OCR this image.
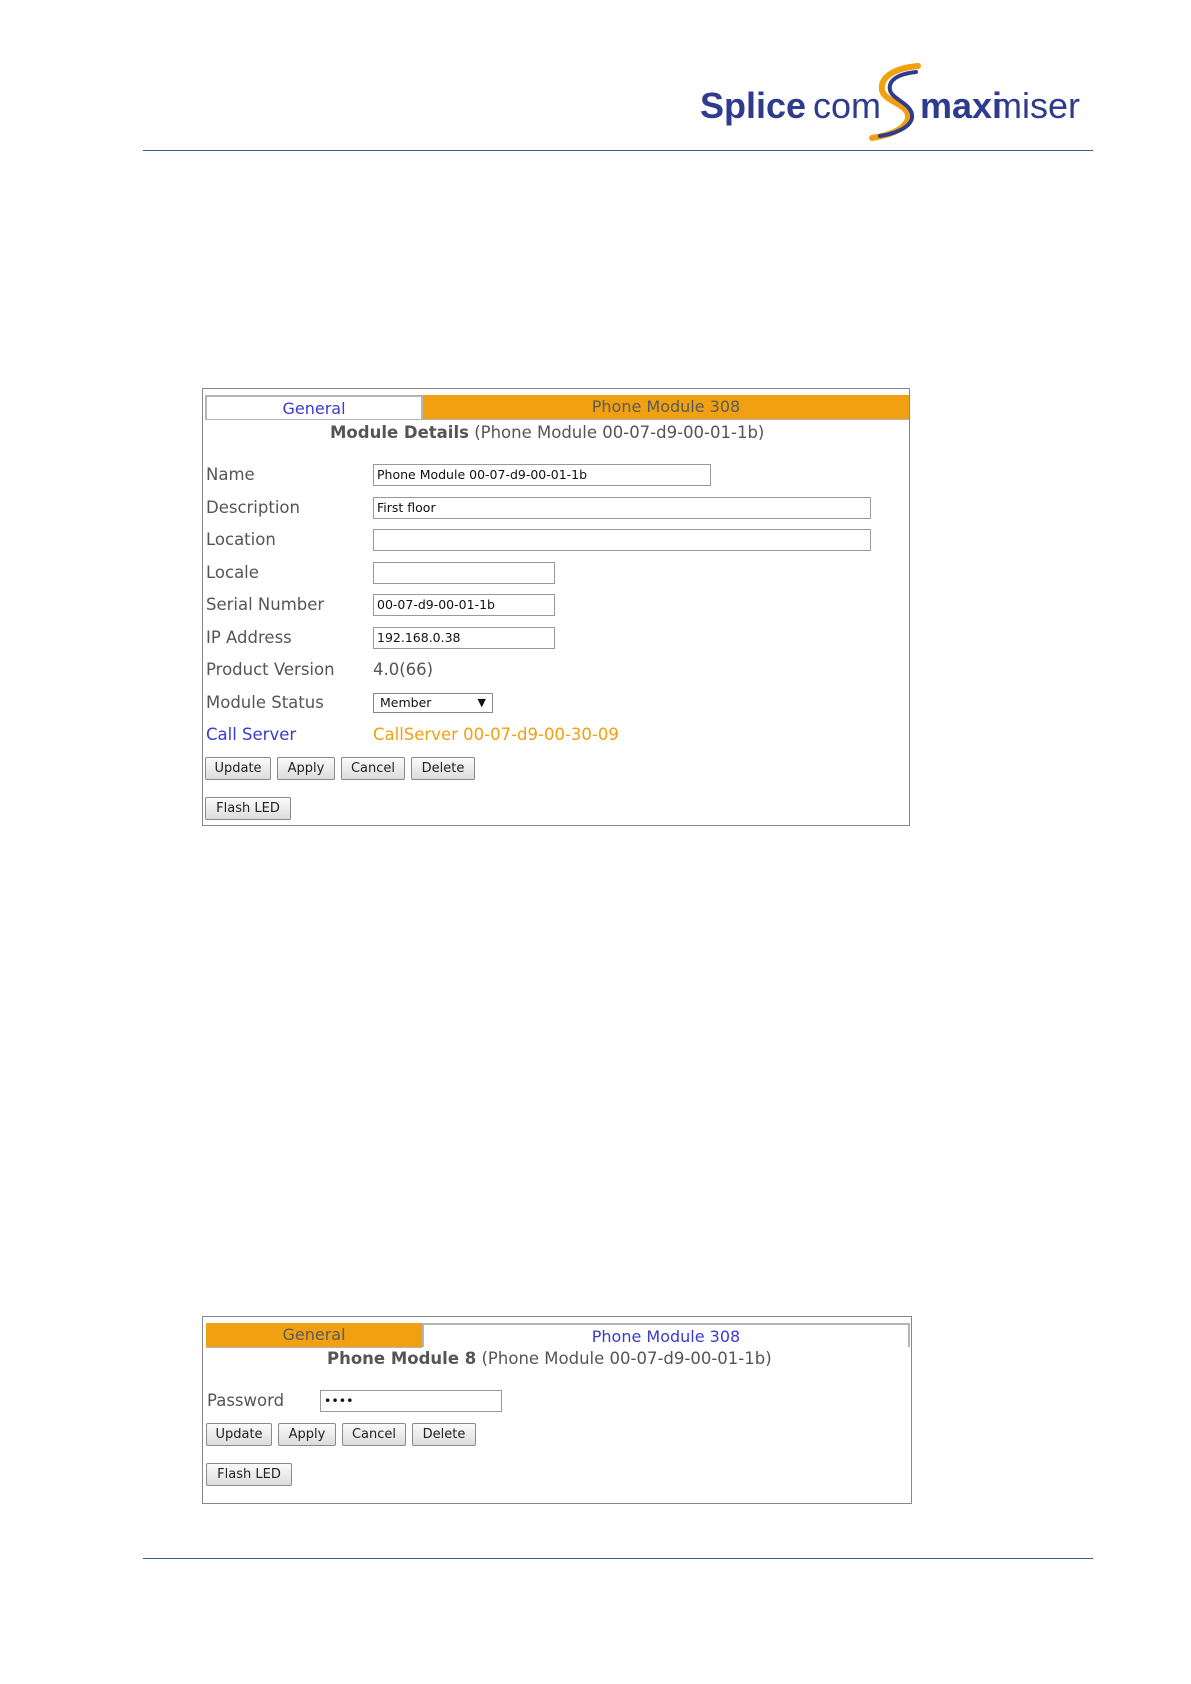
Splice com maxi
miser
General	Phone Module 308
Module Details (Phone Module 00-07-d9-00-01-1b)
Name	Phone Module 00-07-d9-00-01-1b
Description	First floor
Location
Locale
Serial Number	00-07-d9-00-01-1b
IP Address	192.168.0.38
Product Version 4.0(66)
Module Status	Member	▼
Call Server	CallServer 00-07-d9-00-30-09
Update	Apply	Cancel	Delete
Flash LED
General	Phone Module 308
Phone Module 8 (Phone Module 00-07-d9-00-01-1b)
Password	••••
Update	Apply	Cancel	Delete
Flash LED
